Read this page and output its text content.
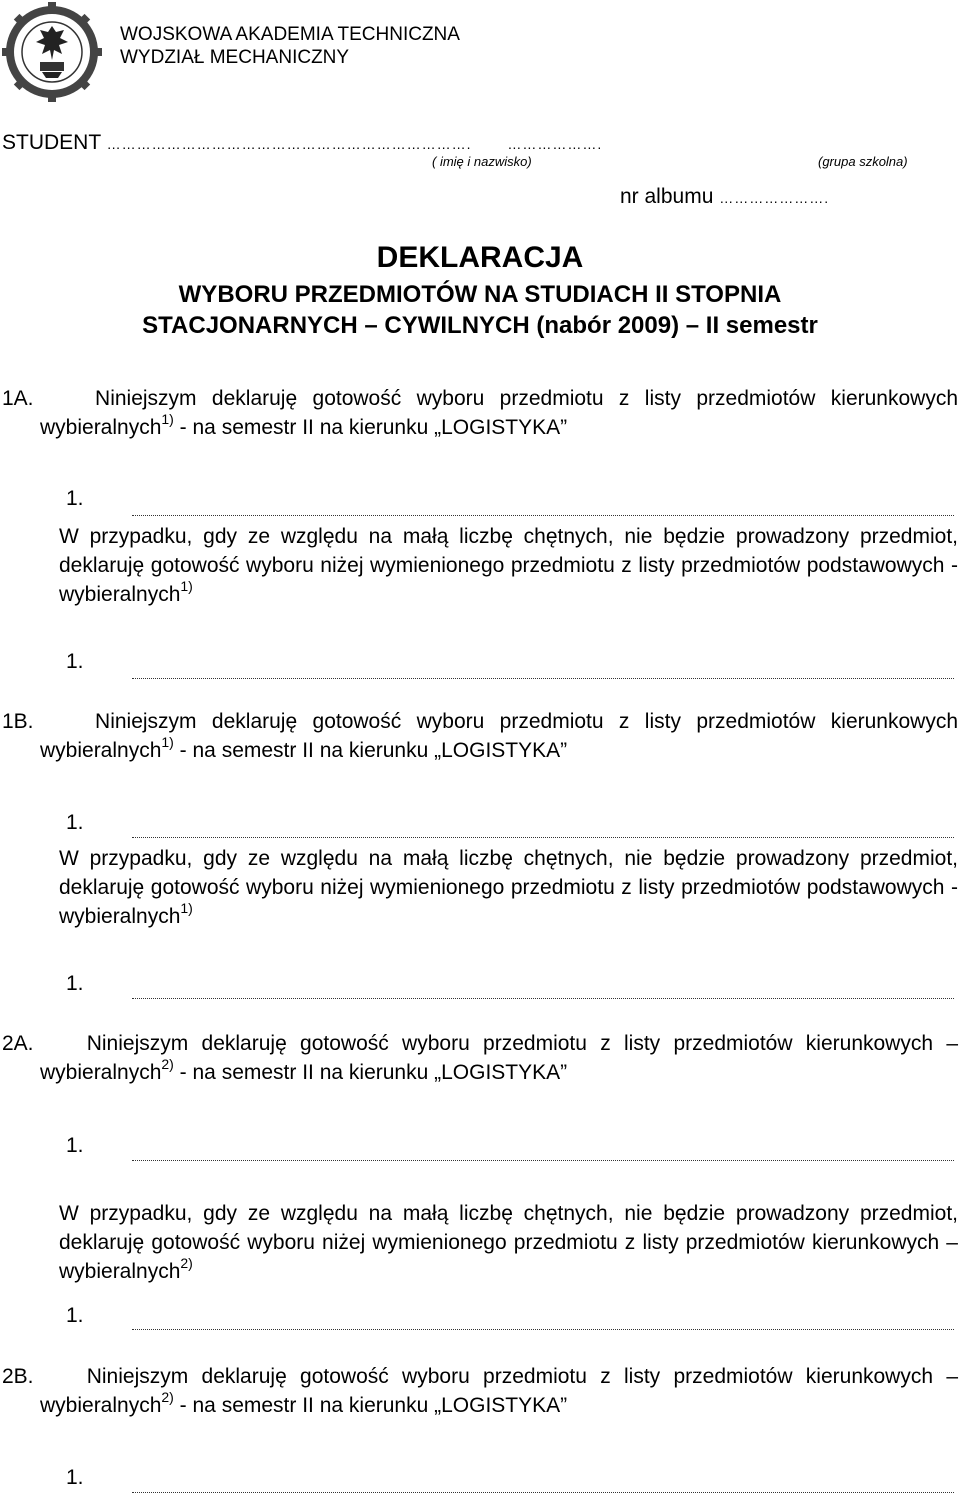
WOJSKOWA AKADEMIA TECHNICZNA
WYDZIAŁ MECHANICZNY
STUDENT ……………………………………………………………….	……………….
( imię i nazwisko)	(grupa szkolna)
nr albumu ………………….
DEKLARACJA
WYBORU PRZEDMIOTÓW NA STUDIACH II STOPNIA
STACJONARNYCH – CYWILNYCH (nabór 2009) – II semestr
1A.	Niniejszym deklaruję gotowość wyboru przedmiotu z listy przedmiotów kierunkowych wybieralnych$^{1)}$ - na semestr II na kierunku „LOGISTYKA”
1.
W przypadku, gdy ze względu na małą liczbę chętnych, nie będzie prowadzony przedmiot, deklaruję gotowość wyboru niżej wymienionego przedmiotu z listy przedmiotów podstawowych -wybieralnych$^{1)}$
1.
1B.	Niniejszym deklaruję gotowość wyboru przedmiotu z listy przedmiotów kierunkowych wybieralnych$^{1)}$ - na semestr II na kierunku „LOGISTYKA”
1.
W przypadku, gdy ze względu na małą liczbę chętnych, nie będzie prowadzony przedmiot, deklaruję gotowość wyboru niżej wymienionego przedmiotu z listy przedmiotów podstawowych -wybieralnych$^{1)}$
1.
2A.	Niniejszym deklaruję gotowość wyboru przedmiotu z listy przedmiotów kierunkowych – wybieralnych$^{2)}$ - na semestr II na kierunku „LOGISTYKA”
1.
W przypadku, gdy ze względu na małą liczbę chętnych, nie będzie prowadzony przedmiot, deklaruję gotowość wyboru niżej wymienionego przedmiotu z listy przedmiotów kierunkowych – wybieralnych$^{2)}$
1.
2B.	Niniejszym deklaruję gotowość wyboru przedmiotu z listy przedmiotów kierunkowych – wybieralnych$^{2)}$ - na semestr II na kierunku „LOGISTYKA”
1.
